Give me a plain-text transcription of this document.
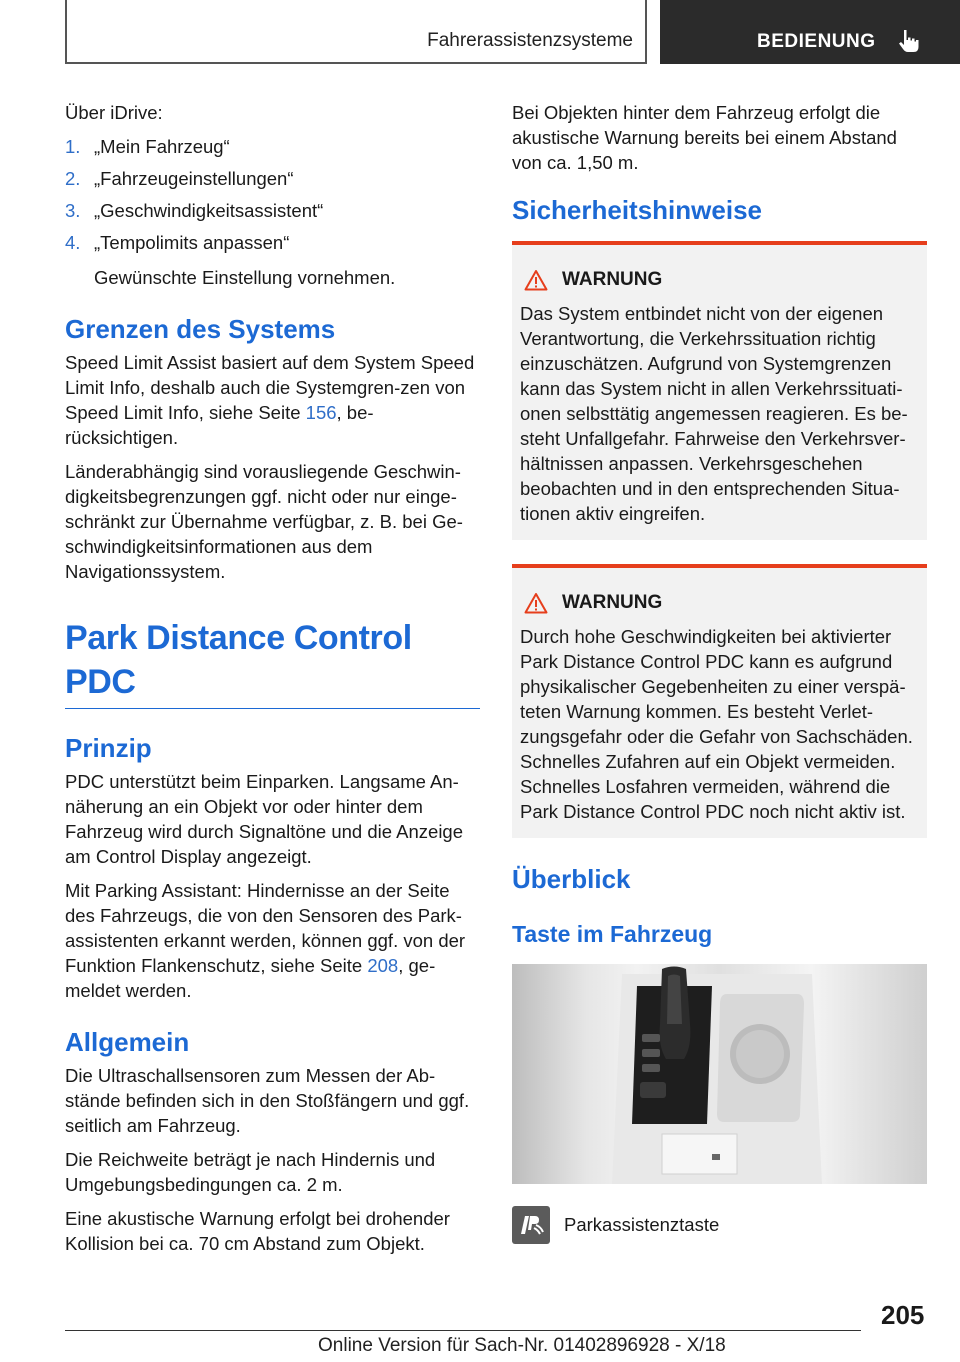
Fahrerassistenzsysteme	BEDIENUNG

Über iDrive:

1. „Mein Fahrzeug“
2. „Fahrzeugeinstellungen“
3. „Geschwindigkeitsassistent“
4. „Tempolimits anpassen“

Gewünschte Einstellung vornehmen.

Grenzen des Systems

Speed Limit Assist basiert auf dem System Speed Limit Info, deshalb auch die Systemgren-zen von Speed Limit Info, siehe Seite 156, be-rücksichtigen.

Länderabhängig sind vorausliegende Geschwin-digkeitsbegrenzungen ggf. nicht oder nur einge-schränkt zur Übernahme verfügbar, z. B. bei Ge-schwindigkeitsinformationen aus dem Navigationssystem.

Park Distance Control PDC
Prinzip

PDC unterstützt beim Einparken. Langsame An-näherung an ein Objekt vor oder hinter dem Fahrzeug wird durch Signaltöne und die Anzeige am Control Display angezeigt.

Mit Parking Assistant: Hindernisse an der Seite des Fahrzeugs, die von den Sensoren des Park-assistenten erkannt werden, können ggf. von der Funktion Flankenschutz, siehe Seite 208, ge-meldet werden.

Allgemein

Die Ultraschallsensoren zum Messen der Ab-stände befinden sich in den Stoßfängern und ggf. seitlich am Fahrzeug.

Die Reichweite beträgt je nach Hindernis und Umgebungsbedingungen ca. 2 m.

Eine akustische Warnung erfolgt bei drohender Kollision bei ca. 70 cm Abstand zum Objekt.

Bei Objekten hinter dem Fahrzeug erfolgt die akustische Warnung bereits bei einem Abstand von ca. 1,50 m.

Sicherheitshinweise
WARNUNG

Das System entbindet nicht von der eigenen Verantwortung, die Verkehrssituation richtig einzuschätzen. Aufgrund von Systemgrenzen kann das System nicht in allen Verkehrssituati-onen selbsttätig angemessen reagieren. Es be-steht Unfallgefahr. Fahrweise den Verkehrsver-hältnissen anpassen. Verkehrsgeschehen beobachten und in den entsprechenden Situa-tionen aktiv eingreifen.

WARNUNG

Durch hohe Geschwindigkeiten bei aktivierter Park Distance Control PDC kann es aufgrund physikalischer Gegebenheiten zu einer verspä-teten Warnung kommen. Es besteht Verlet-zungsgefahr oder die Gefahr von Sachschäden. Schnelles Zufahren auf ein Objekt vermeiden. Schnelles Losfahren vermeiden, während die Park Distance Control PDC noch nicht aktiv ist.

Überblick
Taste im Fahrzeug
Parkassistenztaste
205
Online Version für Sach-Nr. 01402896928 - X/18
